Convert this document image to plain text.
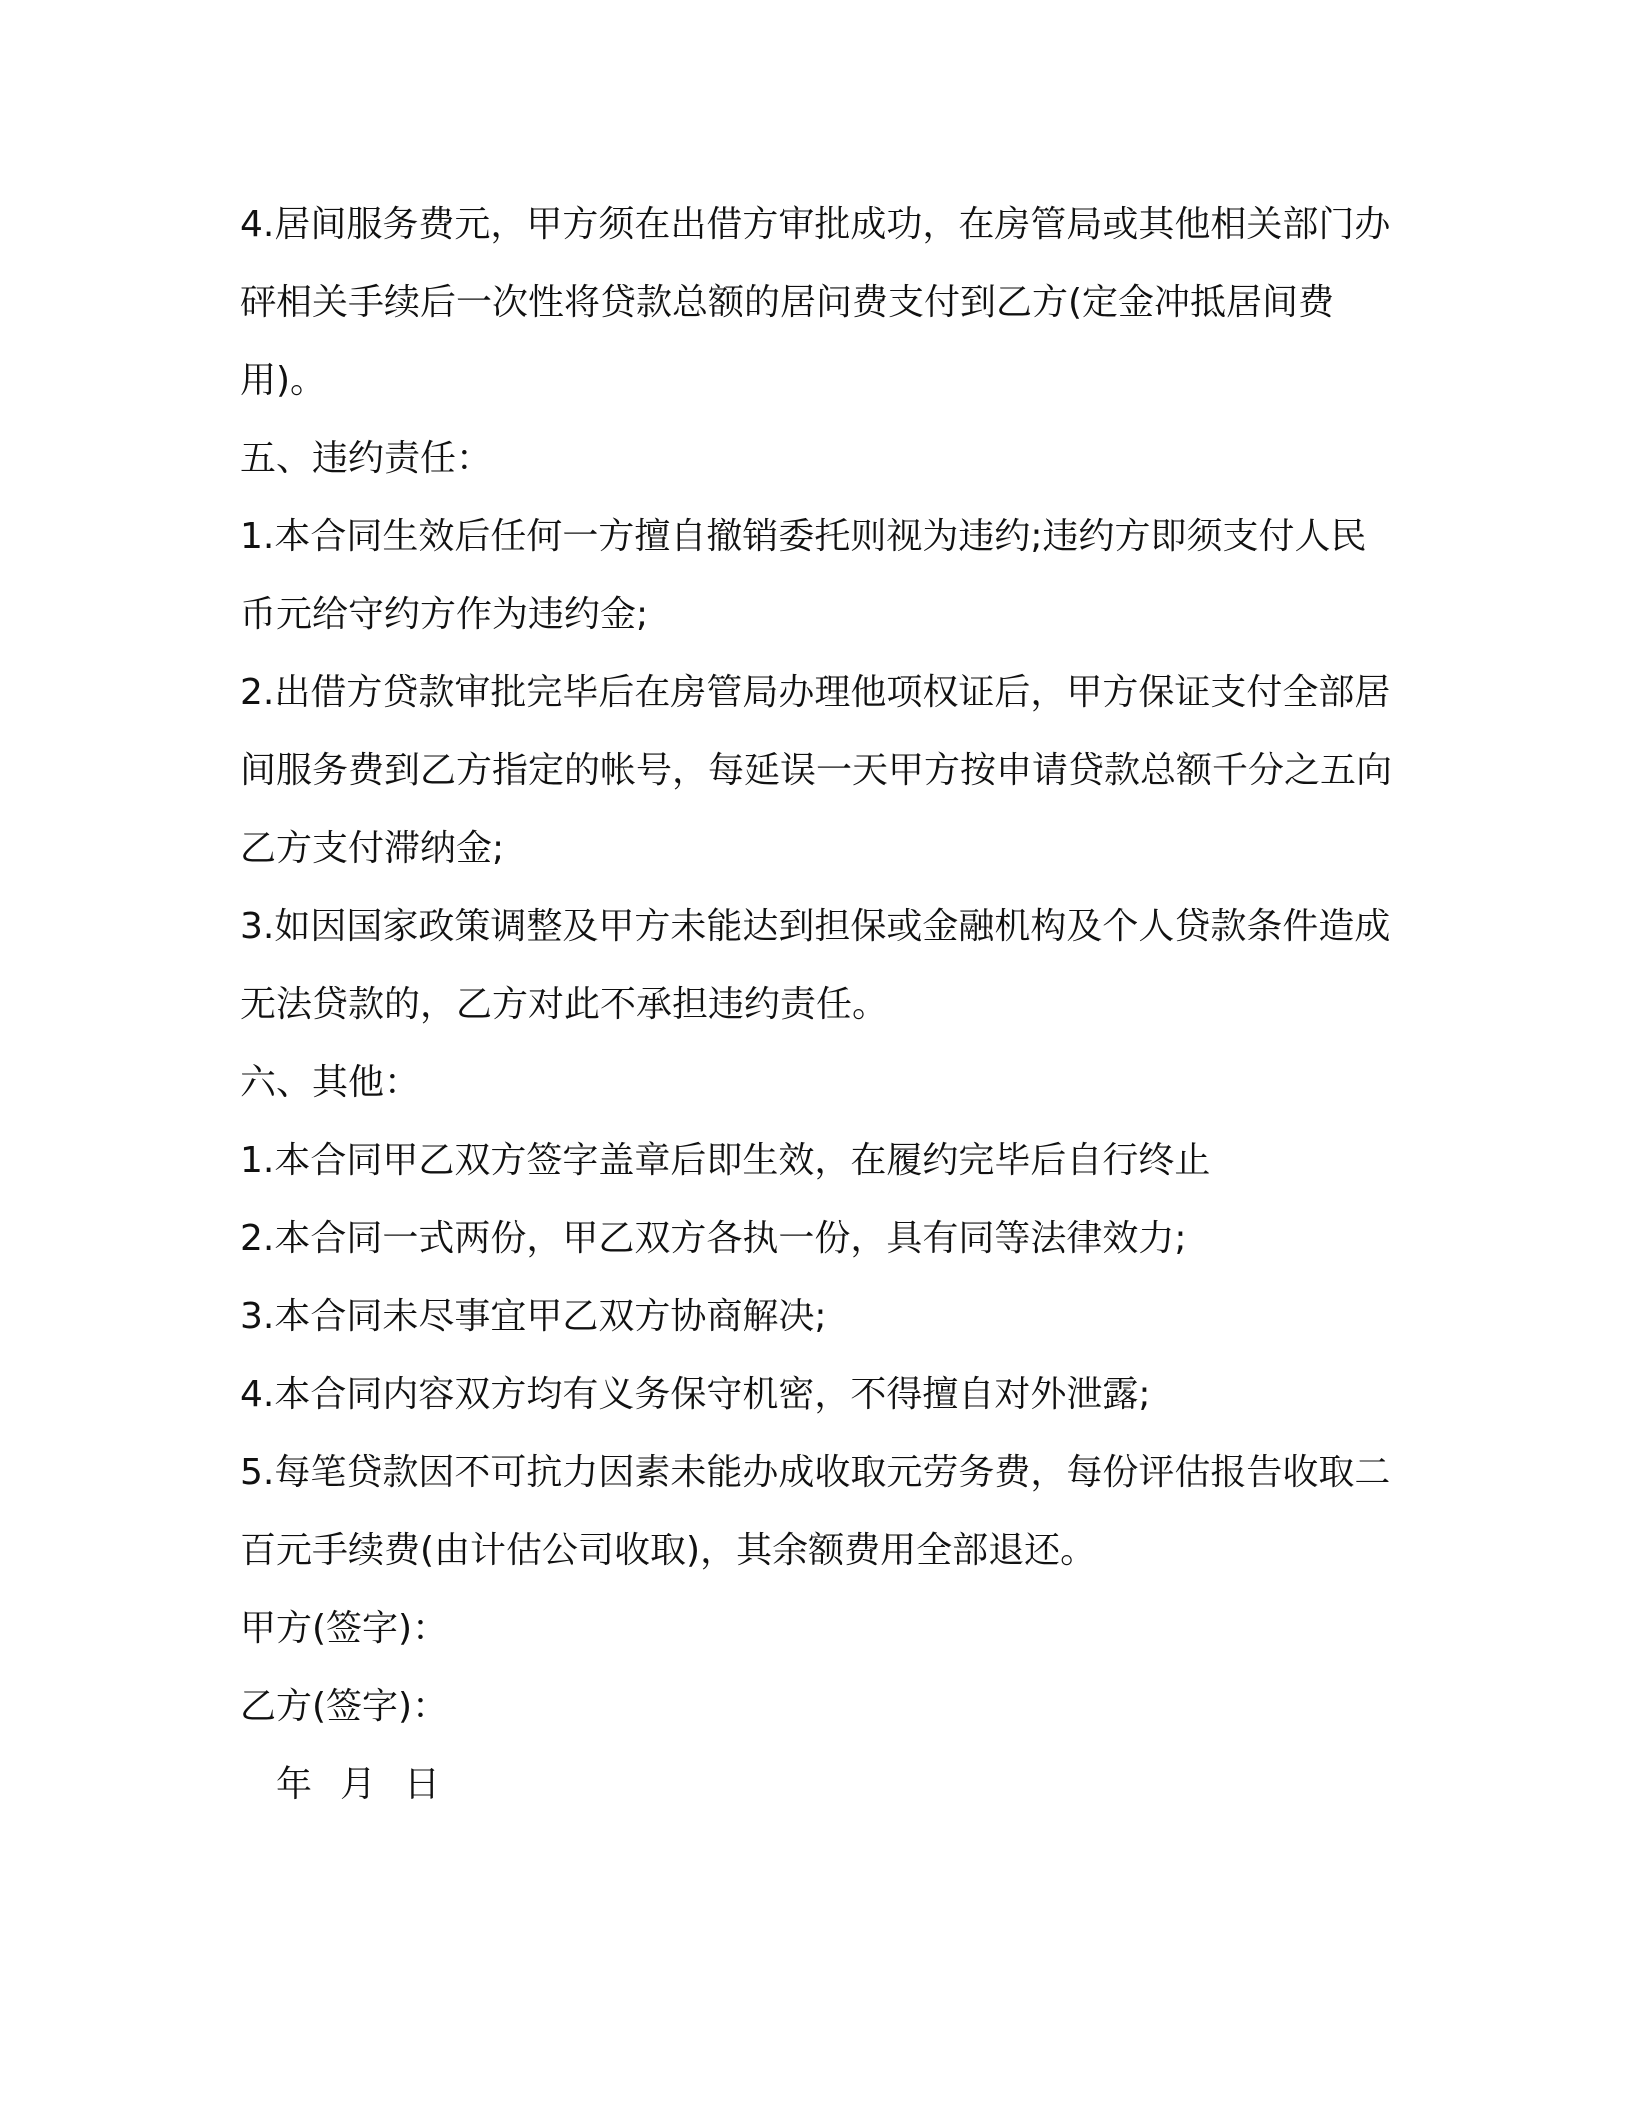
4.居间服务费元，甲方须在出借方审批成功，在房管局或其他相关部门办砰相关手续后一次性将贷款总额的居问费支付到乙方(定金冲抵居间费用)。

五、违约责任：

1.本合同生效后任何一方擅自撤销委托则视为违约;违约方即须支付人民币元给守约方作为违约金;

2.出借方贷款审批完毕后在房管局办理他项权证后，甲方保证支付全部居间服务费到乙方指定的帐号，每延误一天甲方按申请贷款总额千分之五向乙方支付滞纳金;

3.如因国家政策调整及甲方未能达到担保或金融机构及个人贷款条件造成无法贷款的，乙方对此不承担违约责任。

六、其他：

1.本合同甲乙双方签字盖章后即生效，在履约完毕后自行终止

2.本合同一式两份，甲乙双方各执一份，具有同等法律效力;

3.本合同未尽事宜甲乙双方协商解决;

4.本合同内容双方均有义务保守机密，不得擅自对外泄露;

5.每笔贷款因不可抗力因素未能办成收取元劳务费，每份评估报告收取二百元手续费(由计估公司收取)，其余额费用全部退还。

甲方(签字)：

乙方(签字)：

年 月 日
